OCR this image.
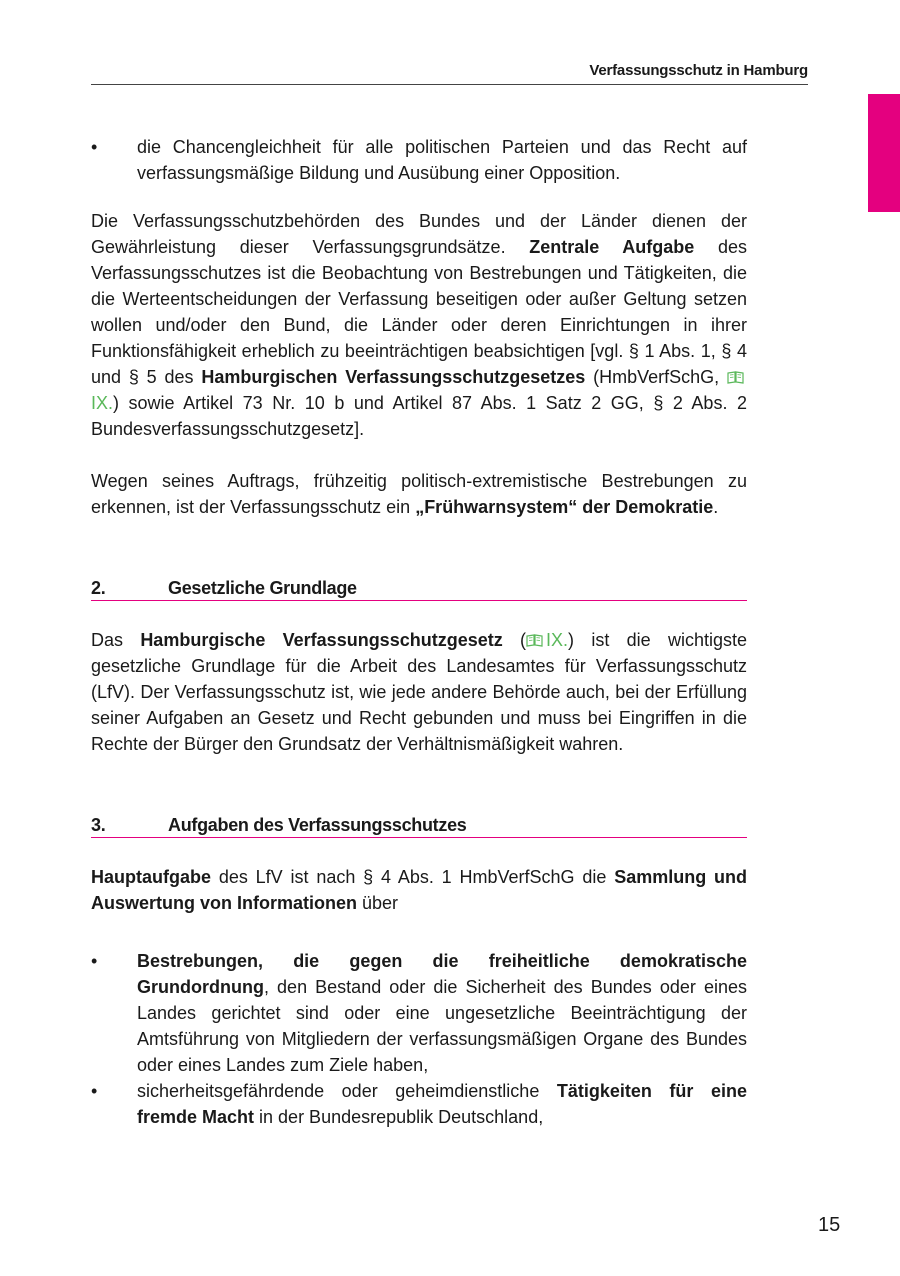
Verfassungsschutz in Hamburg
• die Chancengleichheit für alle politischen Parteien und das Recht auf verfassungsmäßige Bildung und Ausübung einer Opposition.

Die Verfassungsschutzbehörden des Bundes und der Länder dienen der Gewährleistung dieser Verfassungsgrundsätze. Zentrale Aufgabe des Verfassungsschutzes ist die Beobachtung von Bestrebungen und Tätigkeiten, die die Werteentscheidungen der Verfassung beseitigen oder außer Geltung setzen wollen und/oder den Bund, die Länder oder deren Einrichtungen in ihrer Funktionsfähigkeit erheblich zu beeinträchtigen beabsichtigen [vgl. § 1 Abs. 1, § 4 und § 5 des Hamburgischen Verfassungsschutzgesetzes (HmbVerfSchG, IX.) sowie Artikel 73 Nr. 10 b und Artikel 87 Abs. 1 Satz 2 GG, § 2 Abs. 2 Bundesverfassungsschutzgesetz].

Wegen seines Auftrags, frühzeitig politisch-extremistische Bestrebungen zu erkennen, ist der Verfassungsschutz ein „Frühwarnsystem“ der Demokratie.

2.	Gesetzliche Grundlage

Das Hamburgische Verfassungsschutzgesetz ( IX.) ist die wichtigste gesetzliche Grundlage für die Arbeit des Landesamtes für Verfassungsschutz (LfV). Der Verfassungsschutz ist, wie jede andere Behörde auch, bei der Erfüllung seiner Aufgaben an Gesetz und Recht gebunden und muss bei Eingriffen in die Rechte der Bürger den Grundsatz der Verhältnismäßigkeit wahren.

3.	Aufgaben des Verfassungsschutzes

Hauptaufgabe des LfV ist nach § 4 Abs. 1 HmbVerfSchG die Sammlung und Auswertung von Informationen über

• Bestrebungen, die gegen die freiheitliche demokratische Grundordnung, den Bestand oder die Sicherheit des Bundes oder eines Landes gerichtet sind oder eine ungesetzliche Beeinträchtigung der Amtsführung von Mitgliedern der verfassungsmäßigen Organe des Bundes oder eines Landes zum Ziele haben,
• sicherheitsgefährdende oder geheimdienstliche Tätigkeiten für eine fremde Macht in der Bundesrepublik Deutschland,
15
